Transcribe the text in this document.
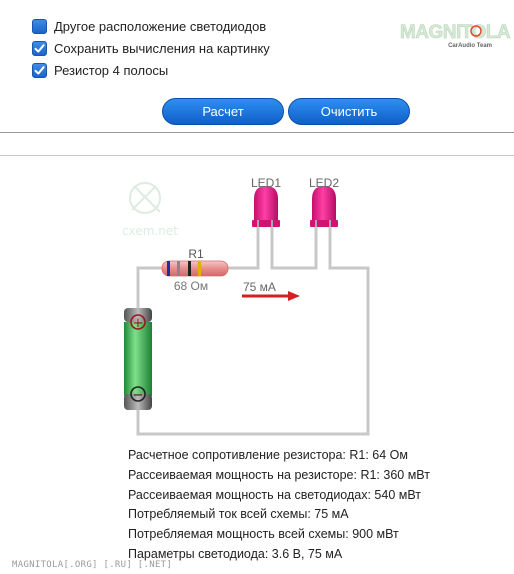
Другое расположение светодиодов
Сохранить вычисления на картинку
Резистор 4 полосы
MAGNITOLA
CarAudio Team
Расчет	Очистить
cxem.net
LED1 LED2
R1
68 Ом	75 мА
+
−
Расчетное сопротивление резистора: R1: 64 Ом
Рассеиваемая мощность на резисторе: R1: 360 мВт
Рассеиваемая мощность на светодиодах: 540 мВт
Потребляемый ток всей схемы: 75 мА
Потребляемая мощность всей схемы: 900 мВт
Параметры светодиода: 3.6 В, 75 мА
MAGNITOLA[.ORG] [.RU] [.NET]
